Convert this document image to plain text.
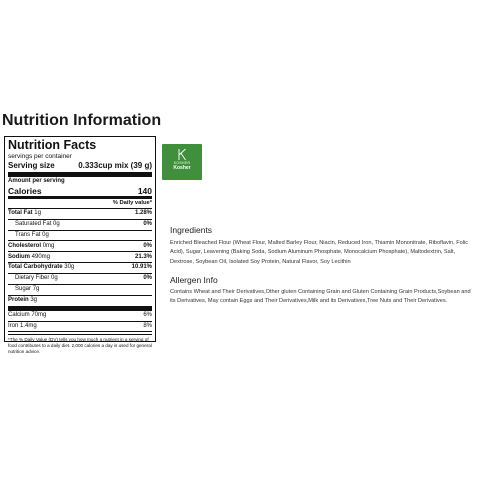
Nutrition Information
Nutrition Facts
servings per container
Serving size	0.333cup mix (39 g)
Amount per serving
Calories	140
% Daily value*
Total Fat 1g	1.28%
Saturated Fat 0g	0%
Trans Fat 0g
Cholesterol 0mg	0%
Sodium 490mg	21.3%
Total Carbohydrate 30g	10.91%
Dietary Fiber 0g	0%
Sugar 7g
Protein 3g
Calcium 70mg	6%
Iron 1.4mg	8%
*The % Daily Value (DV) tells you how much a nutrient in a serving of food contributes to a daily diet. 2,000 calories a day is used for general nutrition advice.
KOSHER
Kosher
Ingredients

Enriched Bleached Flour (Wheat Flour, Malted Barley Flour, Niacin, Reduced Iron, Thiamin Mononitrate, Riboflavin, Folic Acid), Sugar, Leavening (Baking Soda, Sodium Aluminum Phosphate, Monocalcium Phosphate), Maltodextrin, Salt, Dextrose, Soybean Oil, Isolated Soy Protein, Natural Flavor, Soy Lecithin

Allergen Info

Contains Wheat and Their Derivatives,Other gluten Containing Grain and Gluten Containing Grain Products,Soybean and its Derivatives, May contain Eggs and Their Derivatives,Milk and its Derivatives,Tree Nuts and Their Derivatives.
